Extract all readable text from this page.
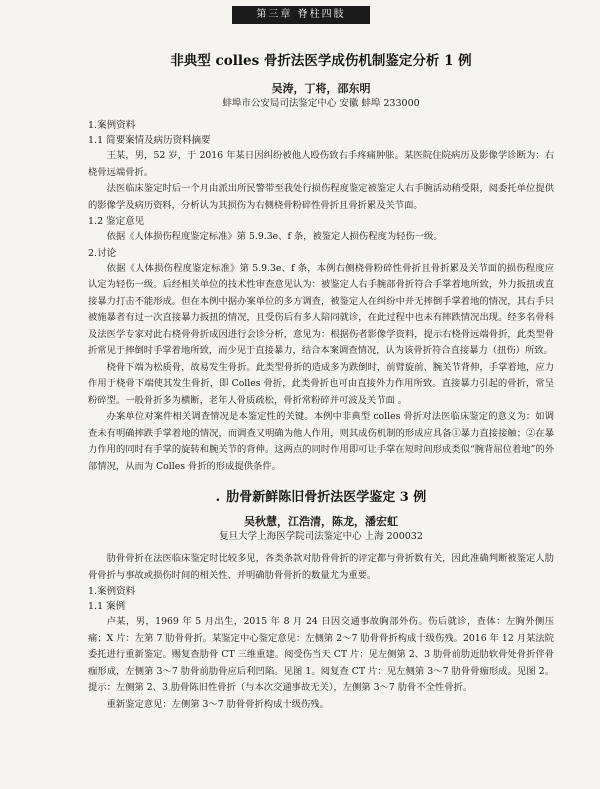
第三章 脊柱四肢
非典型 colles 骨折法医学成伤机制鉴定分析 1 例

吴涛，丁将，邵东明

蚌埠市公安局司法鉴定中心 安徽 蚌埠 233000

1.案例资料

1.1 简要案情及病历资料摘要

王某，男，52 岁，于 2016 年某日因纠纷被他人殴伤致右手疼痛肿胀。某医院住院病历及影像学诊断为：右桡骨远端骨折。

法医临床鉴定时后一个月由派出所民警带至我处行损伤程度鉴定被鉴定人右手腕活动稍受限，阅委托单位提供的影像学及病历资料，分析认为其损伤为右侧桡骨粉碎性骨折且骨折累及关节面。

1.2 鉴定意见

依据《人体损伤程度鉴定标准》第 5.9.3e、f 条，被鉴定人损伤程度为轻伤一级。

2.讨论

依据《人体损伤程度鉴定标准》第 5.9.3e、f 条，本例右侧桡骨粉碎性骨折且骨折累及关节面的损伤程度应认定为轻伤一级。后经相关单位的技术性审查意见认为：被鉴定人右手腕部骨折符合手掌着地所致，外力扳扭或直接暴力打击不能形成。但在本例中据办案单位的多方调查，被鉴定人在纠纷中并无摔倒手掌着地的情况，其右手只被施暴者有过一次直接暴力扳扭的情况，且受伤后有多人陪同就诊，在此过程中也未有摔跌情况出现。经多名骨科及法医学专家对此右桡骨骨折成因进行会诊分析，意见为：根据伤者影像学资料，提示右桡骨远端骨折，此类型骨折常见于摔倒时手掌着地所致，而少见于直接暴力，结合本案调查情况，认为该骨折符合直接暴力（扭伤）所致。

桡骨下端为松质骨，故易发生骨折。此类型骨折的造成多为跌倒时，前臂旋前、腕关节背伸，手掌着地，应力作用于桡骨下端使其发生骨折，即 Colles 骨折，此类骨折也可由直接外力作用所致。直接暴力引起的骨折，常呈粉碎型。一般骨折多为横断，老年人骨质疏松，骨折常粉碎并可波及关节面 。

办案单位对案件相关调查情况是本鉴定性的关键。本例中非典型 colles 骨折对法医临床鉴定的意义为：如调查未有明确摔跌手掌着地的情况，而调查又明确为他人作用，则其成伤机制的形成应具备①暴力直接接触；②在暴力作用的同时有手掌的旋转和腕关节的背伸。这两点的同时作用即可让手掌在短时间形成类似“腕背屈位着地”的外部情况，从而为 Colles 骨折的形成提供条件。

. 肋骨新鲜陈旧骨折法医学鉴定 3 例

吴秋慧，江浩清，陈龙，潘宏虹

复旦大学上海医学院司法鉴定中心 上海 200032

肋骨骨折在法医临床鉴定时比较多见，各类条款对肋骨骨折的评定都与骨折数有关，因此准确判断被鉴定人肋骨骨折与事故或损伤时间的相关性、并明确肋骨骨折的数量尤为重要。

1.案例资料

1.1 案例

卢某，男，1969 年 5 月出生，2015 年 8 月 24 日因交通事故胸部外伤。伤后就诊，查体：左胸外侧压痛；X 片：左第 7 肋骨骨折。某鉴定中心鉴定意见：左侧第 2～7 肋骨骨折构成十级伤残。2016 年 12 月某法院委托进行重新鉴定。赐复查肋骨 CT 三维重建。阅受伤当天 CT 片：见左侧第 2、3 肋骨前肋近肋软骨处骨折伴骨痂形成，左侧第 3～7 肋骨前肋骨应后利凹陷。见图 1。阅复查 CT 片：见左侧第 3～7 肋骨骨痂形成。见图 2。提示：左侧第 2、3 肋骨陈旧性骨折（与本次交通事故无关），左侧第 3～7 肋骨不全性骨折。

重新鉴定意见：左侧第 3～7 肋骨骨折构成十级伤残。
